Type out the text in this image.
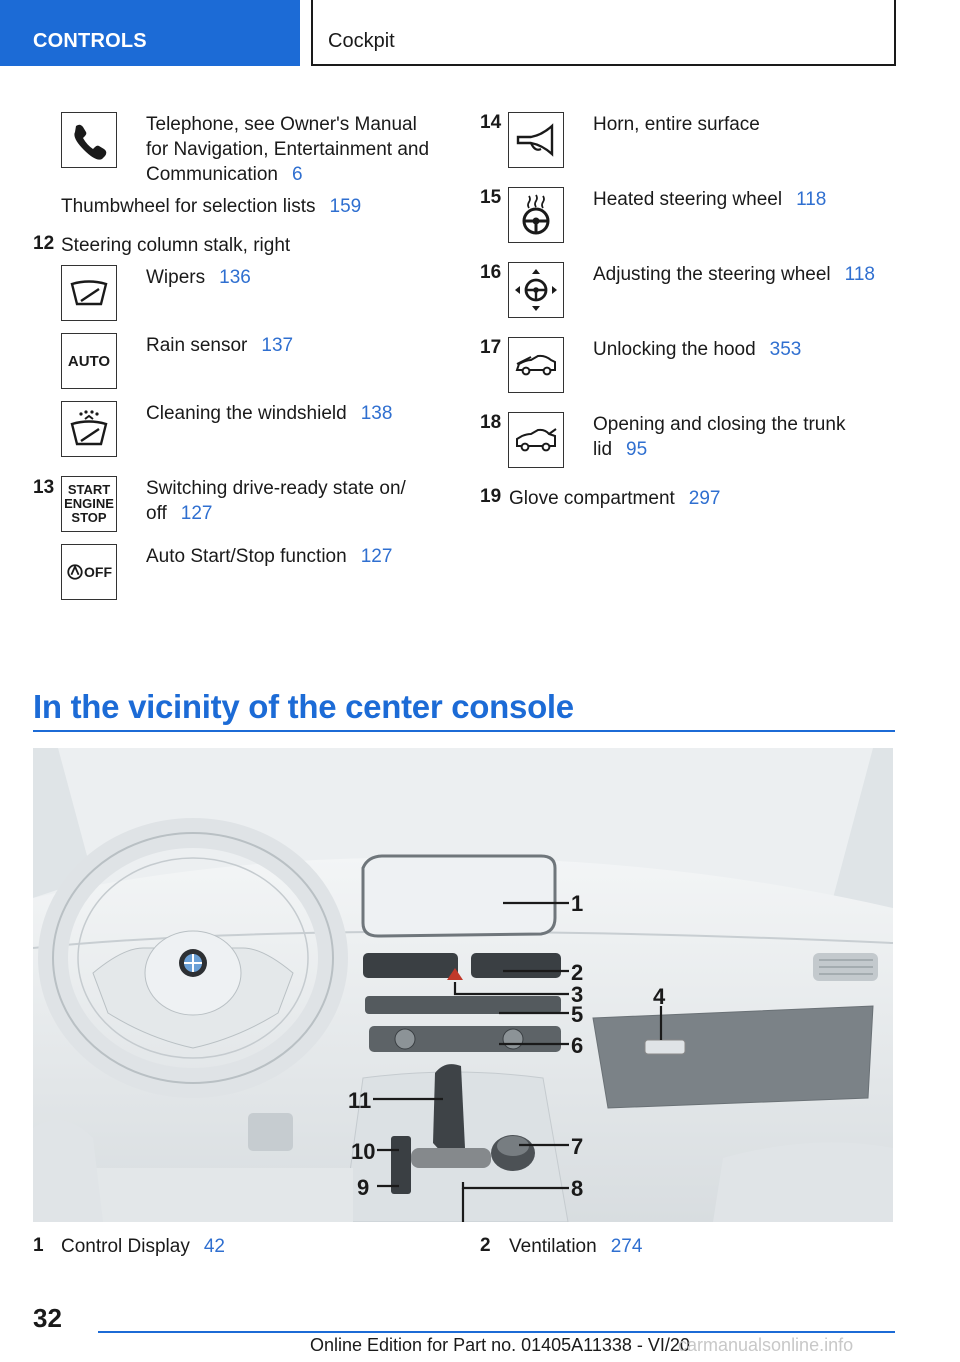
CONTROLS	Cockpit
Telephone, see Owner's Manual
for Navigation, Entertainment and
Communication 6
Thumbwheel for selection lists 159
12 Steering column stalk, right
Wipers 136
AUTO
Rain sensor 137
Cleaning the windshield 138
13 START
ENGINE
STOP
Switching drive-ready state on/
off 127
OFF
Auto Start/Stop function 127
14	Horn, entire surface
15	Heated steering wheel 118
16	Adjusting the steering wheel 118
17	Unlocking the hood 353
18	Opening and closing the trunk
lid 95
19 Glove compartment 297
In the vicinity of the center console
1
2
3
5
6
4
11
10
9
7
8
1 Control Display 42	2 Ventilation 274
32
Online Edition for Part no. 01405A11338 - VI/20
carmanualsonline.info
